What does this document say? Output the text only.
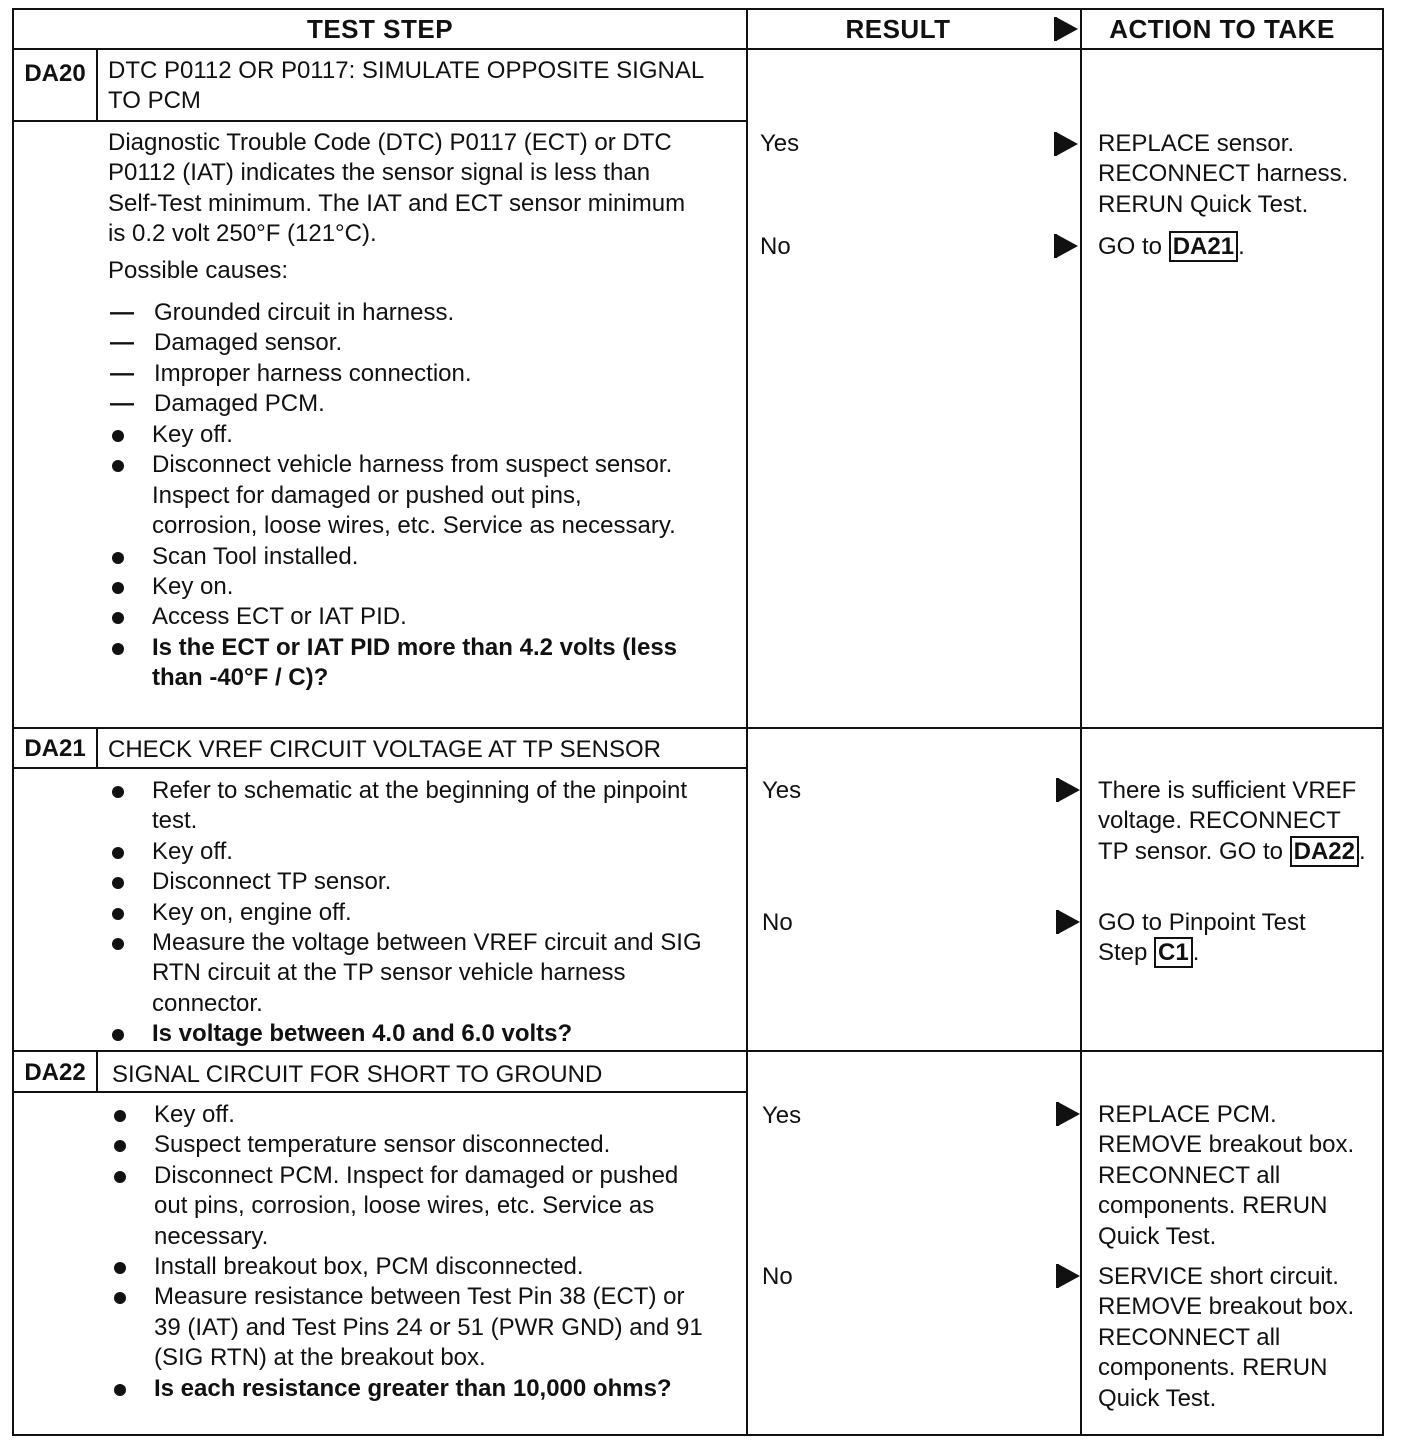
TEST STEP	RESULT	ACTION TO TAKE
DA20 DTC P0112 OR P0117: SIMULATE OPPOSITE SIGNAL TO PCM
Diagnostic Trouble Code (DTC) P0117 (ECT) or DTC P0112 (IAT) indicates the sensor signal is less than Self-Test minimum. The IAT and ECT sensor minimum is 0.2 volt 250°F (121°C).
Possible causes:
— Grounded circuit in harness.
— Damaged sensor.
— Improper harness connection.
— Damaged PCM.
Key off.
Disconnect vehicle harness from suspect sensor. Inspect for damaged or pushed out pins, corrosion, loose wires, etc. Service as necessary.
Scan Tool installed.
Key on.
Access ECT or IAT PID.
Is the ECT or IAT PID more than 4.2 volts (less than -40°F / C)?
Yes	REPLACE sensor. RECONNECT harness. RERUN Quick Test.
No	GO to DA21 .
DA21 CHECK VREF CIRCUIT VOLTAGE AT TP SENSOR
Refer to schematic at the beginning of the pinpoint test.
Key off.
Disconnect TP sensor.
Key on, engine off.
Measure the voltage between VREF circuit and SIG RTN circuit at the TP sensor vehicle harness connector.
Is voltage between 4.0 and 6.0 volts?
Yes	There is sufficient VREF voltage. RECONNECT TP sensor. GO to DA22 .
No	GO to Pinpoint Test Step C1 .
DA22	SIGNAL CIRCUIT FOR SHORT TO GROUND
Key off.
Suspect temperature sensor disconnected.
Disconnect PCM. Inspect for damaged or pushed out pins, corrosion, loose wires, etc. Service as necessary.
Install breakout box, PCM disconnected.
Measure resistance between Test Pin 38 (ECT) or 39 (IAT) and Test Pins 24 or 51 (PWR GND) and 91 (SIG RTN) at the breakout box.
Is each resistance greater than 10,000 ohms?
Yes	REPLACE PCM. REMOVE breakout box. RECONNECT all components. RERUN Quick Test.
No	SERVICE short circuit. REMOVE breakout box. RECONNECT all components. RERUN Quick Test.
